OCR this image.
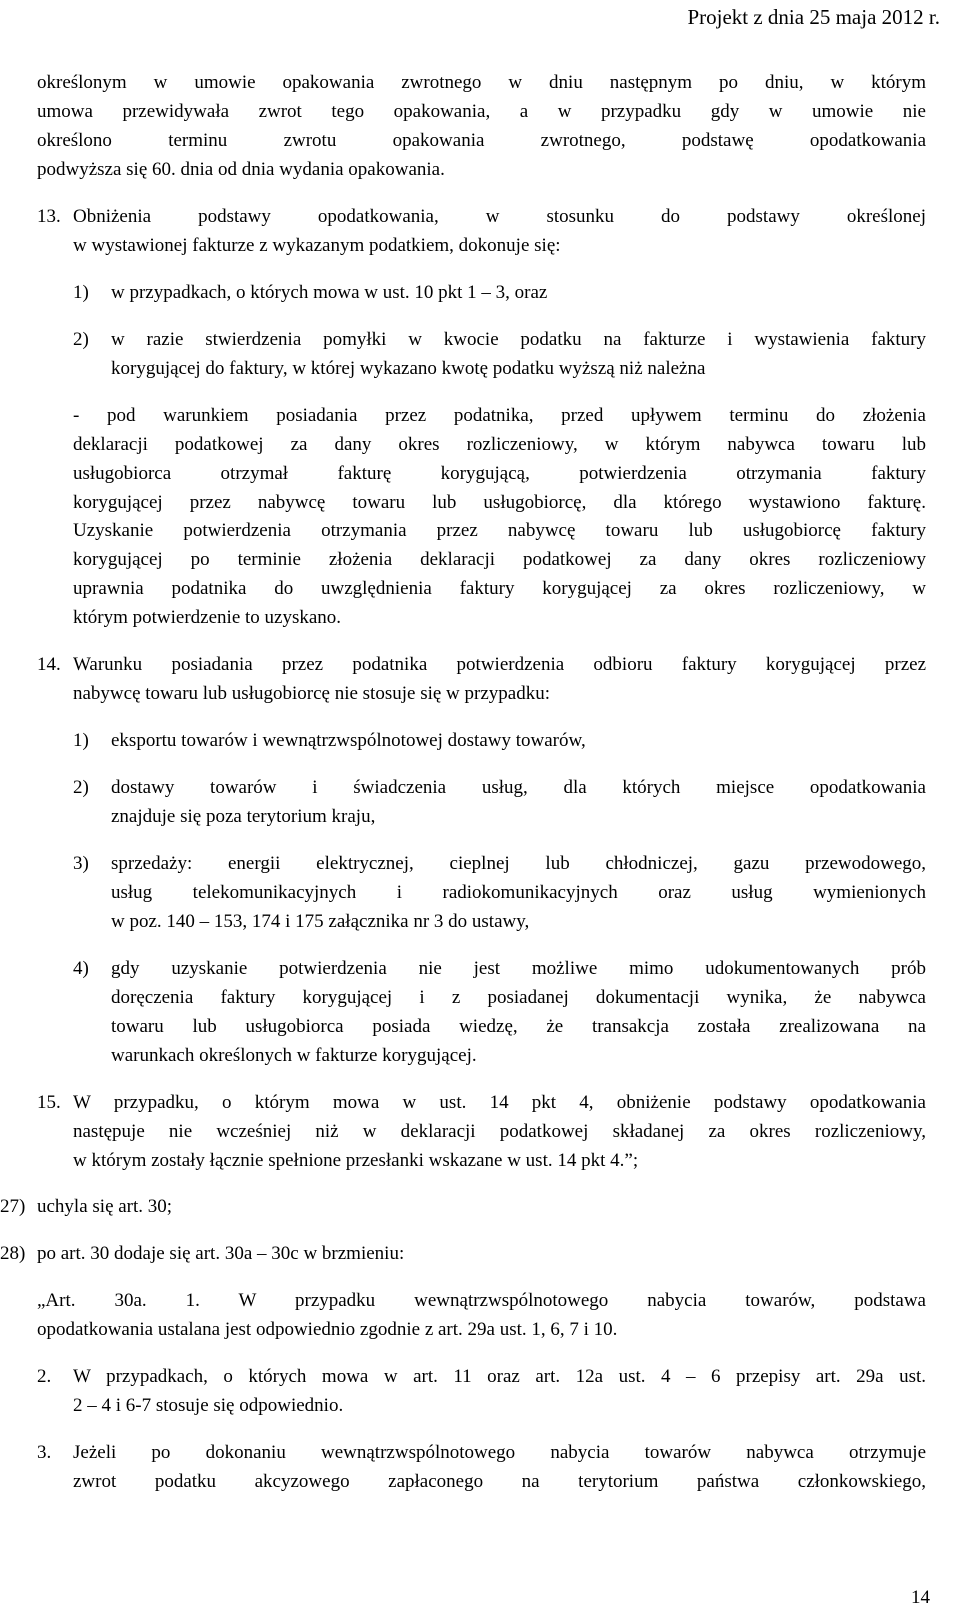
Projekt z dnia 25 maja 2012 r.
określonym w umowie opakowania zwrotnego w dniu następnym po dniu, w którym
umowa przewidywała zwrot tego opakowania, a w przypadku gdy w umowie nie
określono terminu zwrotu opakowania zwrotnego, podstawę opodatkowania
podwyższa się 60. dnia od dnia wydania opakowania.
13. Obniżenia podstawy opodatkowania, w stosunku do podstawy określonej
w wystawionej fakturze z wykazanym podatkiem, dokonuje się:
1) w przypadkach, o których mowa w ust. 10 pkt 1 – 3, oraz
2) w razie stwierdzenia pomyłki w kwocie podatku na fakturze i wystawienia faktury
korygującej do faktury, w której wykazano kwotę podatku wyższą niż należna
- pod warunkiem posiadania przez podatnika, przed upływem terminu do złożenia
deklaracji podatkowej za dany okres rozliczeniowy, w którym nabywca towaru lub
usługobiorca otrzymał fakturę korygującą, potwierdzenia otrzymania faktury
korygującej przez nabywcę towaru lub usługobiorcę, dla którego wystawiono fakturę.
Uzyskanie potwierdzenia otrzymania przez nabywcę towaru lub usługobiorcę faktury
korygującej po terminie złożenia deklaracji podatkowej za dany okres rozliczeniowy
uprawnia podatnika do uwzględnienia faktury korygującej za okres rozliczeniowy, w
którym potwierdzenie to uzyskano.
14. Warunku posiadania przez podatnika potwierdzenia odbioru faktury korygującej przez
nabywcę towaru lub usługobiorcę nie stosuje się w przypadku:
1) eksportu towarów i wewnątrzwspólnotowej dostawy towarów,
2) dostawy towarów i świadczenia usług, dla których miejsce opodatkowania
znajduje się poza terytorium kraju,
3) sprzedaży: energii elektrycznej, cieplnej lub chłodniczej, gazu przewodowego,
usług telekomunikacyjnych i radiokomunikacyjnych oraz usług wymienionych
w poz. 140 – 153, 174 i 175 załącznika nr 3 do ustawy,
4) gdy uzyskanie potwierdzenia nie jest możliwe mimo udokumentowanych prób
doręczenia faktury korygującej i z posiadanej dokumentacji wynika, że nabywca
towaru lub usługobiorca posiada wiedzę, że transakcja została zrealizowana na
warunkach określonych w fakturze korygującej.
15. W przypadku, o którym mowa w ust. 14 pkt 4, obniżenie podstawy opodatkowania
następuje nie wcześniej niż w deklaracji podatkowej składanej za okres rozliczeniowy,
w którym zostały łącznie spełnione przesłanki wskazane w ust. 14 pkt 4.”;
27) uchyla się art. 30;
28) po art. 30 dodaje się art. 30a – 30c w brzmieniu:
„Art. 30a. 1. W przypadku wewnątrzwspólnotowego nabycia towarów, podstawa
opodatkowania ustalana jest odpowiednio zgodnie z art. 29a ust. 1, 6, 7 i 10.
2. W przypadkach, o których mowa w art. 11 oraz art. 12a ust. 4 – 6 przepisy art. 29a ust.
2 – 4 i 6-7 stosuje się odpowiednio.
3. Jeżeli po dokonaniu wewnątrzwspólnotowego nabycia towarów nabywca otrzymuje
zwrot podatku akcyzowego zapłaconego na terytorium państwa członkowskiego,
14
